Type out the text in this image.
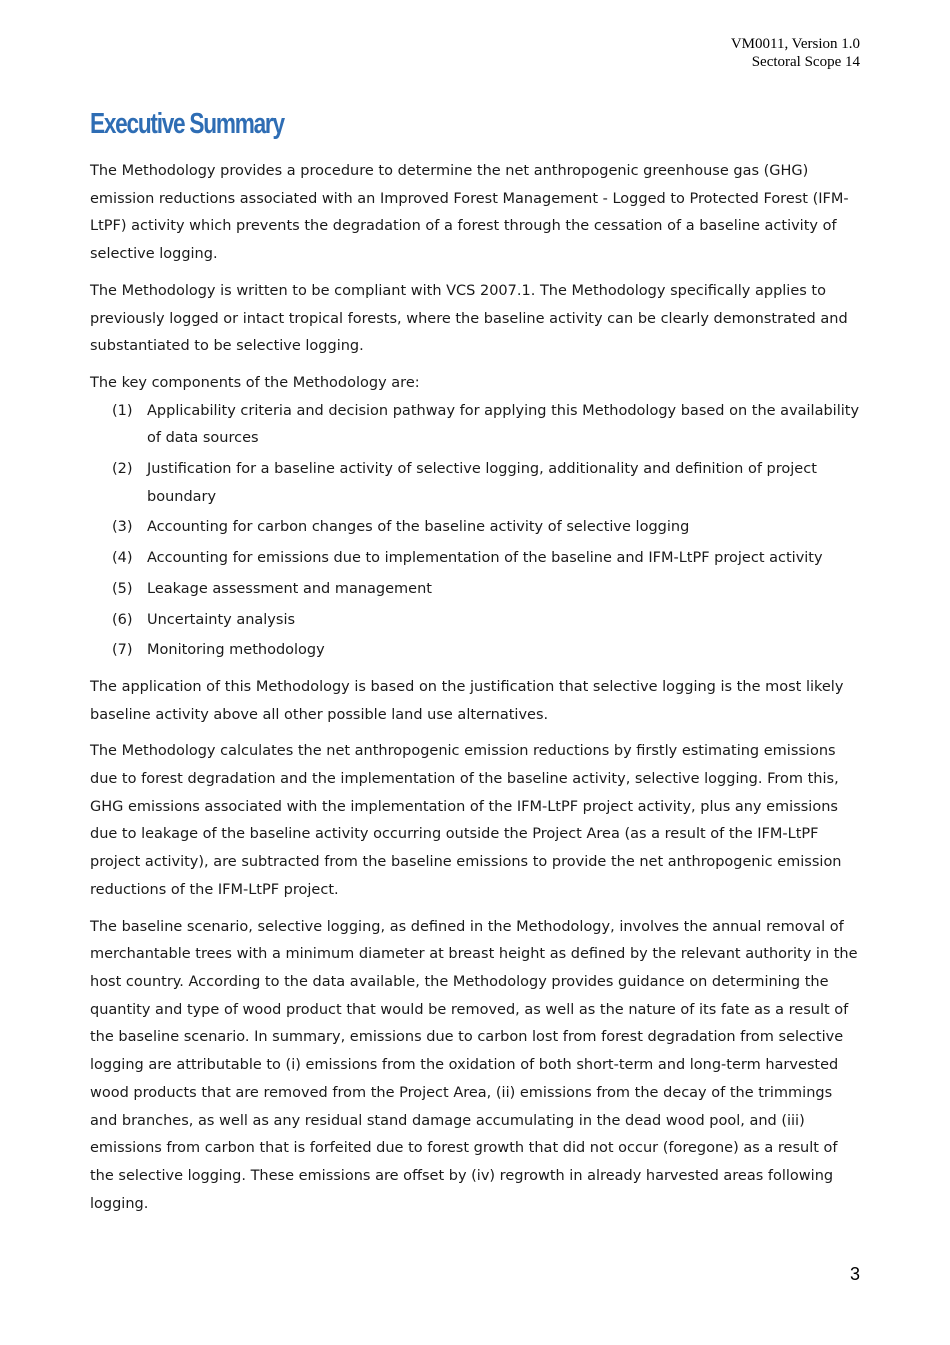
VM0011, Version 1.0
Sectoral Scope 14
Executive Summary

The Methodology provides a procedure to determine the net anthropogenic greenhouse gas (GHG) emission reductions associated with an Improved Forest Management - Logged to Protected Forest (IFM-LtPF) activity which prevents the degradation of a forest through the cessation of a baseline activity of selective logging.

The Methodology is written to be compliant with VCS 2007.1. The Methodology specifically applies to previously logged or intact tropical forests, where the baseline activity can be clearly demonstrated and substantiated to be selective logging.

The key components of the Methodology are:

(1) Applicability criteria and decision pathway for applying this Methodology based on the availability of data sources
(2) Justification for a baseline activity of selective logging, additionality and definition of project boundary
(3) Accounting for carbon changes of the baseline activity of selective logging
(4) Accounting for emissions due to implementation of the baseline and IFM-LtPF project activity
(5) Leakage assessment and management
(6) Uncertainty analysis
(7) Monitoring methodology

The application of this Methodology is based on the justification that selective logging is the most likely baseline activity above all other possible land use alternatives.

The Methodology calculates the net anthropogenic emission reductions by firstly estimating emissions due to forest degradation and the implementation of the baseline activity, selective logging. From this, GHG emissions associated with the implementation of the IFM-LtPF project activity, plus any emissions due to leakage of the baseline activity occurring outside the Project Area (as a result of the IFM-LtPF project activity), are subtracted from the baseline emissions to provide the net anthropogenic emission reductions of the IFM-LtPF project.

The baseline scenario, selective logging, as defined in the Methodology, involves the annual removal of merchantable trees with a minimum diameter at breast height as defined by the relevant authority in the host country. According to the data available, the Methodology provides guidance on determining the quantity and type of wood product that would be removed, as well as the nature of its fate as a result of the baseline scenario. In summary, emissions due to carbon lost from forest degradation from selective logging are attributable to (i) emissions from the oxidation of both short-term and long-term harvested wood products that are removed from the Project Area, (ii) emissions from the decay of the trimmings and branches, as well as any residual stand damage accumulating in the dead wood pool, and (iii) emissions from carbon that is forfeited due to forest growth that did not occur (foregone) as a result of the selective logging. These emissions are offset by (iv) regrowth in already harvested areas following logging.

3
